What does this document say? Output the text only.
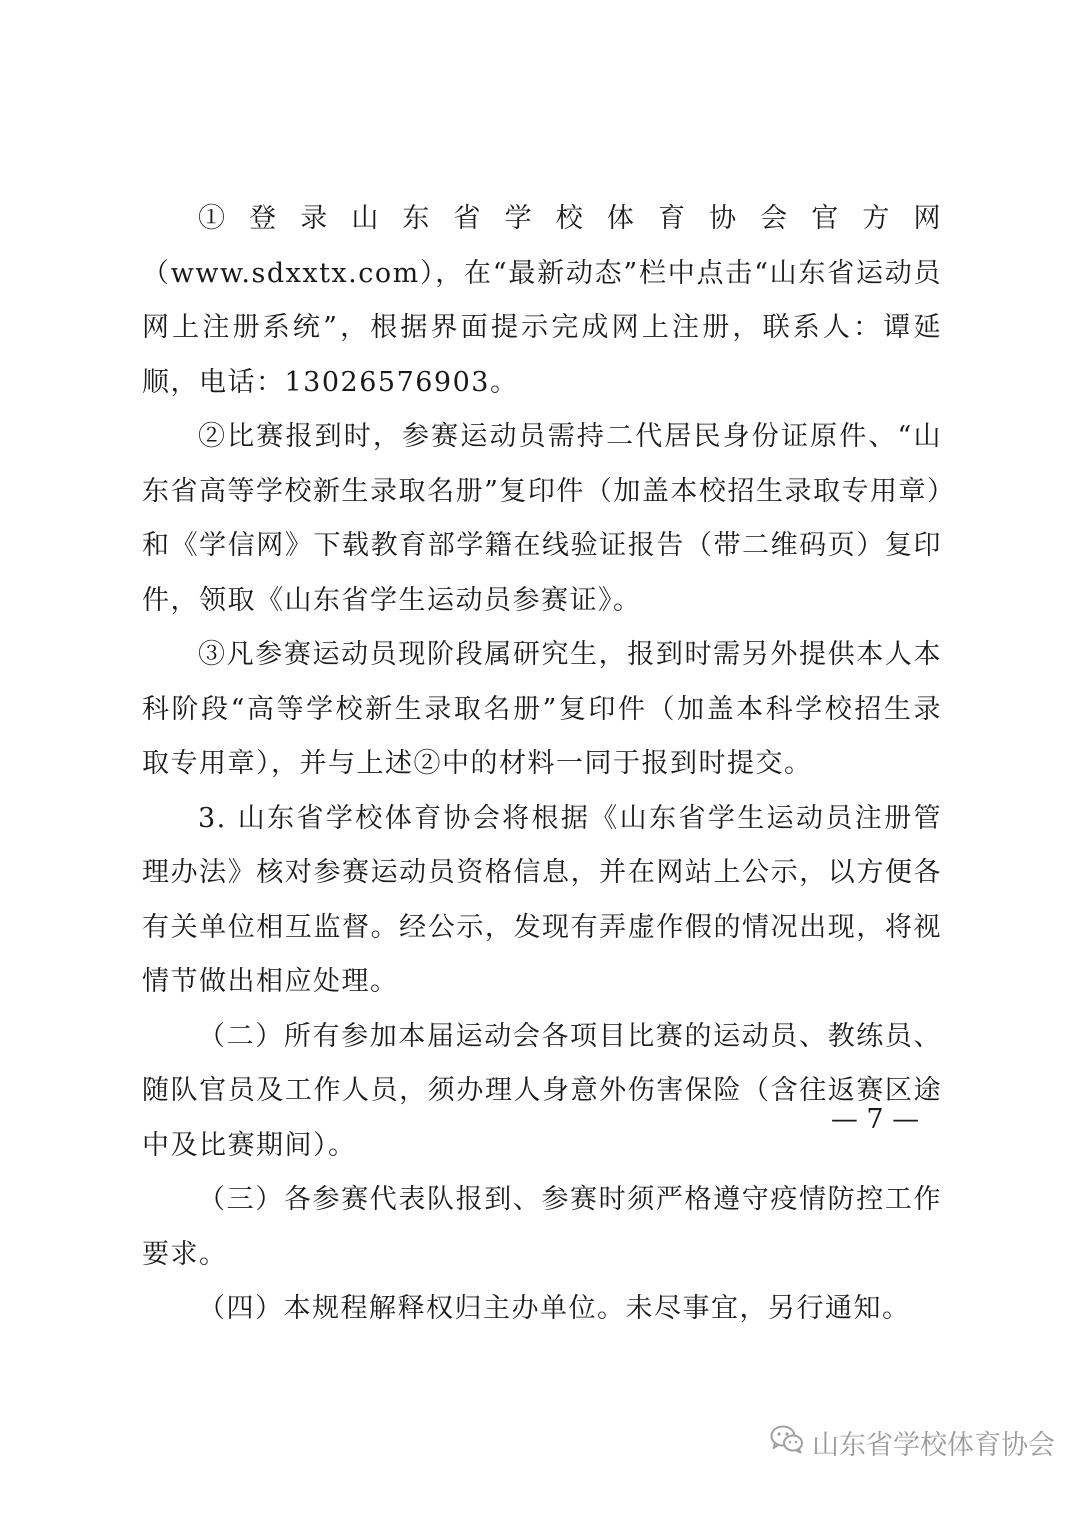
①登录山东省学校体育协会官方网（www.sdxxtx.com），在“最新动态”栏中点击“山东省运动员网上注册系统”，根据界面提示完成网上注册，联系人：谭延顺，电话：13026576903。

②比赛报到时，参赛运动员需持二代居民身份证原件、“山东省高等学校新生录取名册”复印件（加盖本校招生录取专用章）和《学信网》下载教育部学籍在线验证报告（带二维码页）复印件，领取《山东省学生运动员参赛证》。

③凡参赛运动员现阶段属研究生，报到时需另外提供本人本科阶段“高等学校新生录取名册”复印件（加盖本科学校招生录取专用章），并与上述②中的材料一同于报到时提交。

3. 山东省学校体育协会将根据《山东省学生运动员注册管理办法》核对参赛运动员资格信息，并在网站上公示，以方便各有关单位相互监督。经公示，发现有弄虚作假的情况出现，将视情节做出相应处理。

（二）所有参加本届运动会各项目比赛的运动员、教练员、随队官员及工作人员，须办理人身意外伤害保险（含往返赛区途中及比赛期间）。

（三）各参赛代表队报到、参赛时须严格遵守疫情防控工作要求。

（四）本规程解释权归主办单位。未尽事宜，另行通知。

— 7 —
山东省学校体育协会
